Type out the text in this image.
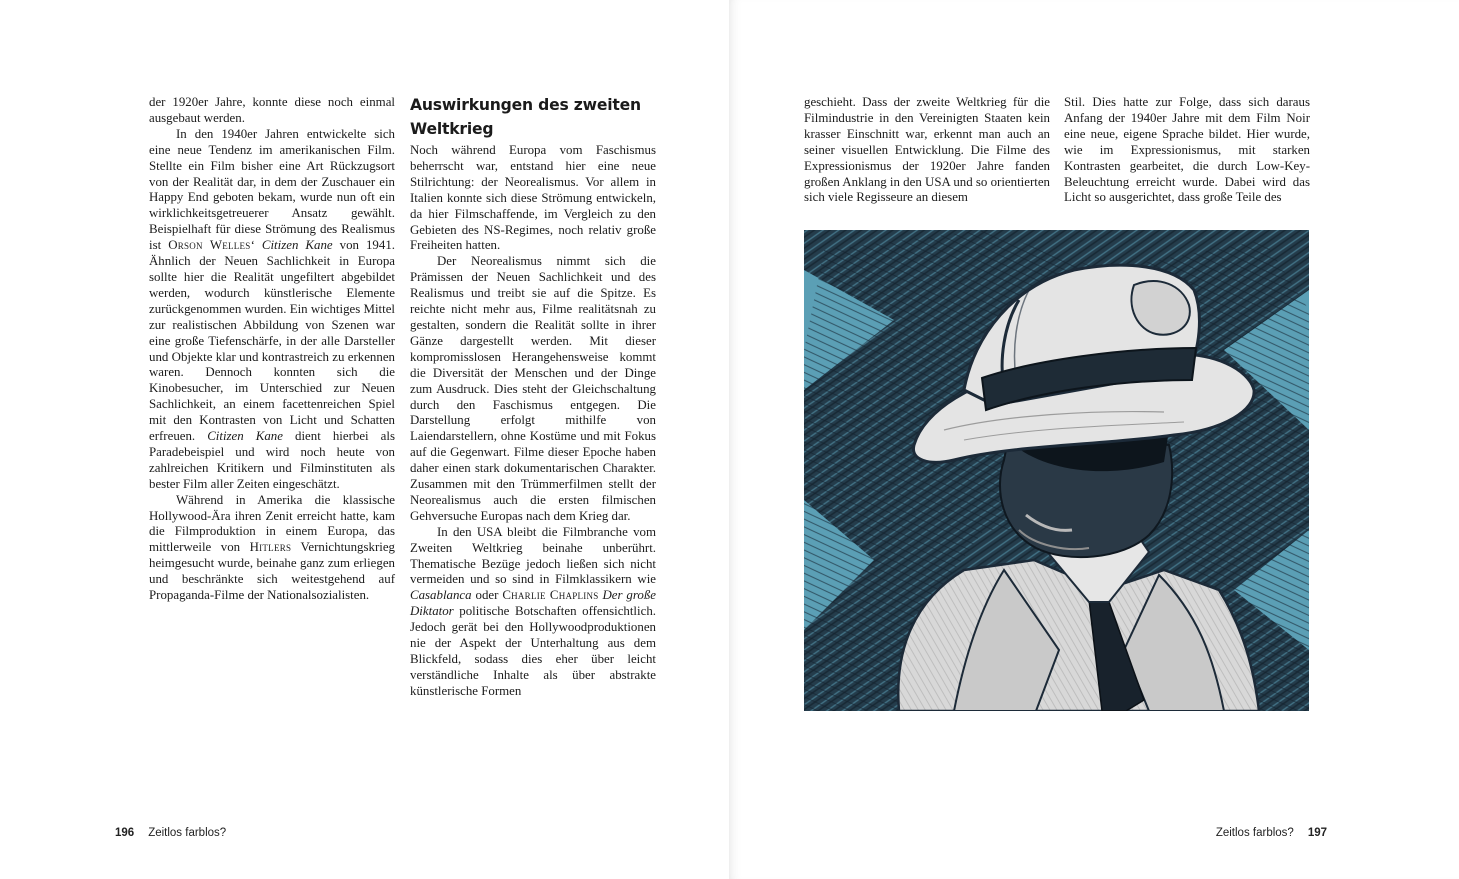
der 1920er Jahre, konnte diese noch einmal ausgebaut werden.

In den 1940er Jahren entwickelte sich eine neue Tendenz im amerikanischen Film. Stellte ein Film bisher eine Art Rückzugsort von der Realität dar, in dem der Zuschauer ein Happy End geboten bekam, wurde nun oft ein wirklichkeitsgetreuerer Ansatz gewählt. Beispielhaft für diese Strömung des Realismus ist Orson Welles‘ Citizen Kane von 1941. Ähnlich der Neuen Sachlichkeit in Europa sollte hier die Realität ungefiltert abgebildet werden, wodurch künstlerische Elemente zurückgenommen wurden. Ein wichtiges Mittel zur realistischen Abbildung von Szenen war eine große Tiefenschärfe, in der alle Darsteller und Objekte klar und kontrastreich zu erkennen waren. Dennoch konnten sich die Kinobesucher, im Unterschied zur Neuen Sachlichkeit, an einem facettenreichen Spiel mit den Kontrasten von Licht und Schatten erfreuen. Citizen Kane dient hierbei als Paradebeispiel und wird noch heute von zahlreichen Kritikern und Filminstituten als bester Film aller Zeiten eingeschätzt.

Während in Amerika die klassische Hollywood-Ära ihren Zenit erreicht hatte, kam die Filmproduktion in einem Europa, das mittlerweile von Hitlers Vernichtungskrieg heimgesucht wurde, beinahe ganz zum erliegen und beschränkte sich weitestgehend auf Propaganda-Filme der Nationalsozialisten.

Auswirkungen des zweiten Weltkrieg

Noch während Europa vom Faschismus beherrscht war, entstand hier eine neue Stilrichtung: der Neorealismus. Vor allem in Italien konnte sich diese Strömung entwickeln, da hier Filmschaffende, im Vergleich zu den Gebieten des NS-Regimes, noch relativ große Freiheiten hatten.

Der Neorealismus nimmt sich die Prämissen der Neuen Sachlichkeit und des Realismus und treibt sie auf die Spitze. Es reichte nicht mehr aus, Filme realitätsnah zu gestalten, sondern die Realität sollte in ihrer Gänze dargestellt werden. Mit dieser kompromisslosen Herangehensweise kommt die Diversität der Menschen und der Dinge zum Ausdruck. Dies steht der Gleichschaltung durch den Faschismus entgegen. Die Darstellung erfolgt mithilfe von Laiendarstellern, ohne Kostüme und mit Fokus auf die Gegenwart. Filme dieser Epoche haben daher einen stark dokumentarischen Charakter. Zusammen mit den Trümmerfilmen stellt der Neorealismus auch die ersten filmischen Gehversuche Europas nach dem Krieg dar.

In den USA bleibt die Filmbranche vom Zweiten Weltkrieg beinahe unberührt. Thematische Bezüge jedoch ließen sich nicht vermeiden und so sind in Filmklassikern wie Casablanca oder Charlie Chaplins Der große Diktator politische Botschaften offensichtlich. Jedoch gerät bei den Hollywoodproduktionen nie der Aspekt der Unterhaltung aus dem Blickfeld, sodass dies eher über leicht verständliche Inhalte als über abstrakte künstlerische Formen

196 Zeitlos farblos?

geschieht. Dass der zweite Weltkrieg für die Filmindustrie in den Vereinigten Staaten kein krasser Einschnitt war, erkennt man auch an seiner visuellen Entwicklung. Die Filme des Expressionismus der 1920er Jahre fanden großen Anklang in den USA und so orientierten sich viele Regisseure an diesem

Stil. Dies hatte zur Folge, dass sich daraus Anfang der 1940er Jahre mit dem Film Noir eine neue, eigene Sprache bildet. Hier wurde, wie im Expressionismus, mit starken Kontrasten gearbeitet, die durch Low-Key-Beleuchtung erreicht wurde. Dabei wird das Licht so ausgerichtet, dass große Teile des

Zeitlos farblos? 197
